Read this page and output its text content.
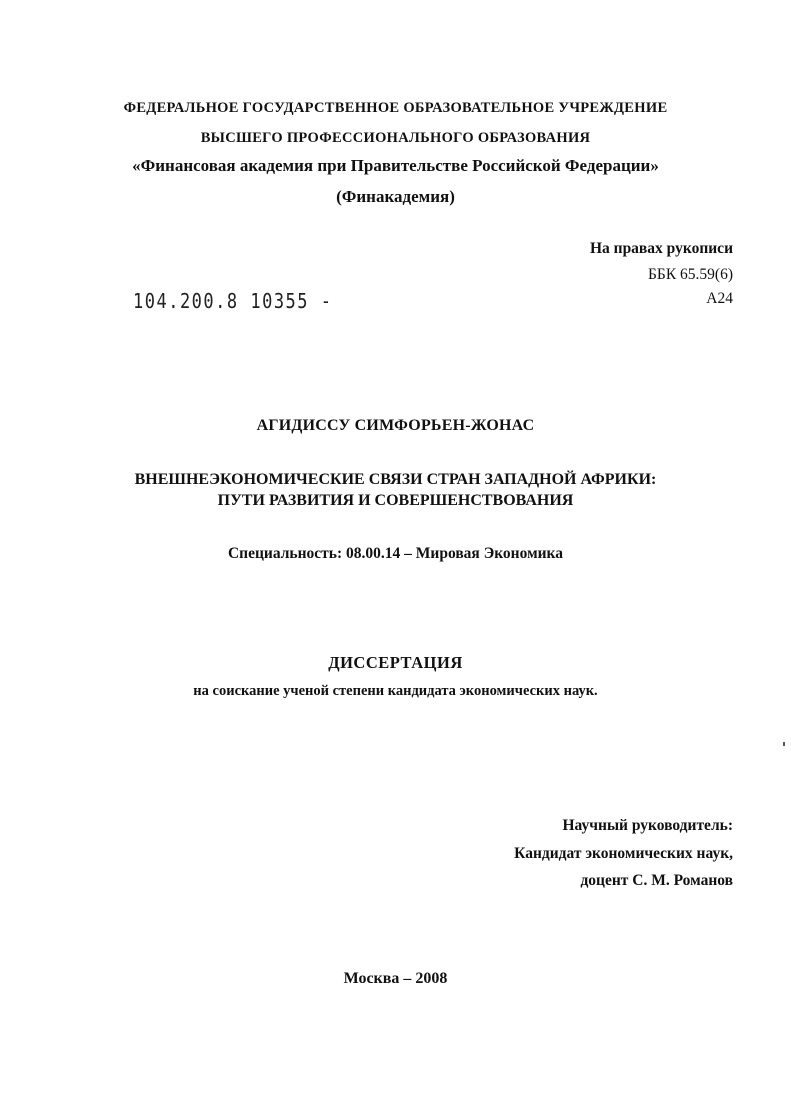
ФЕДЕРАЛЬНОЕ ГОСУДАРСТВЕННОЕ ОБРАЗОВАТЕЛЬНОЕ УЧРЕЖДЕНИЕ
ВЫСШЕГО ПРОФЕССИОНАЛЬНОГО ОБРАЗОВАНИЯ
«Финансовая академия при Правительстве Российской Федерации»
(Финакадемия)
На правах рукописи
ББК 65.59(6)
А24
104.200.8 10355 -
АГИДИССУ СИМФОРЬЕН-ЖОНАС
ВНЕШНЕЭКОНОМИЧЕСКИЕ СВЯЗИ СТРАН ЗАПАДНОЙ АФРИКИ:
ПУТИ РАЗВИТИЯ И СОВЕРШЕНСТВОВАНИЯ
Специальность: 08.00.14 – Мировая Экономика
ДИССЕРТАЦИЯ
на соискание ученой степени кандидата экономических наук.
Научный руководитель:
Кандидат экономических наук,
доцент С. М. Романов
Москва – 2008
